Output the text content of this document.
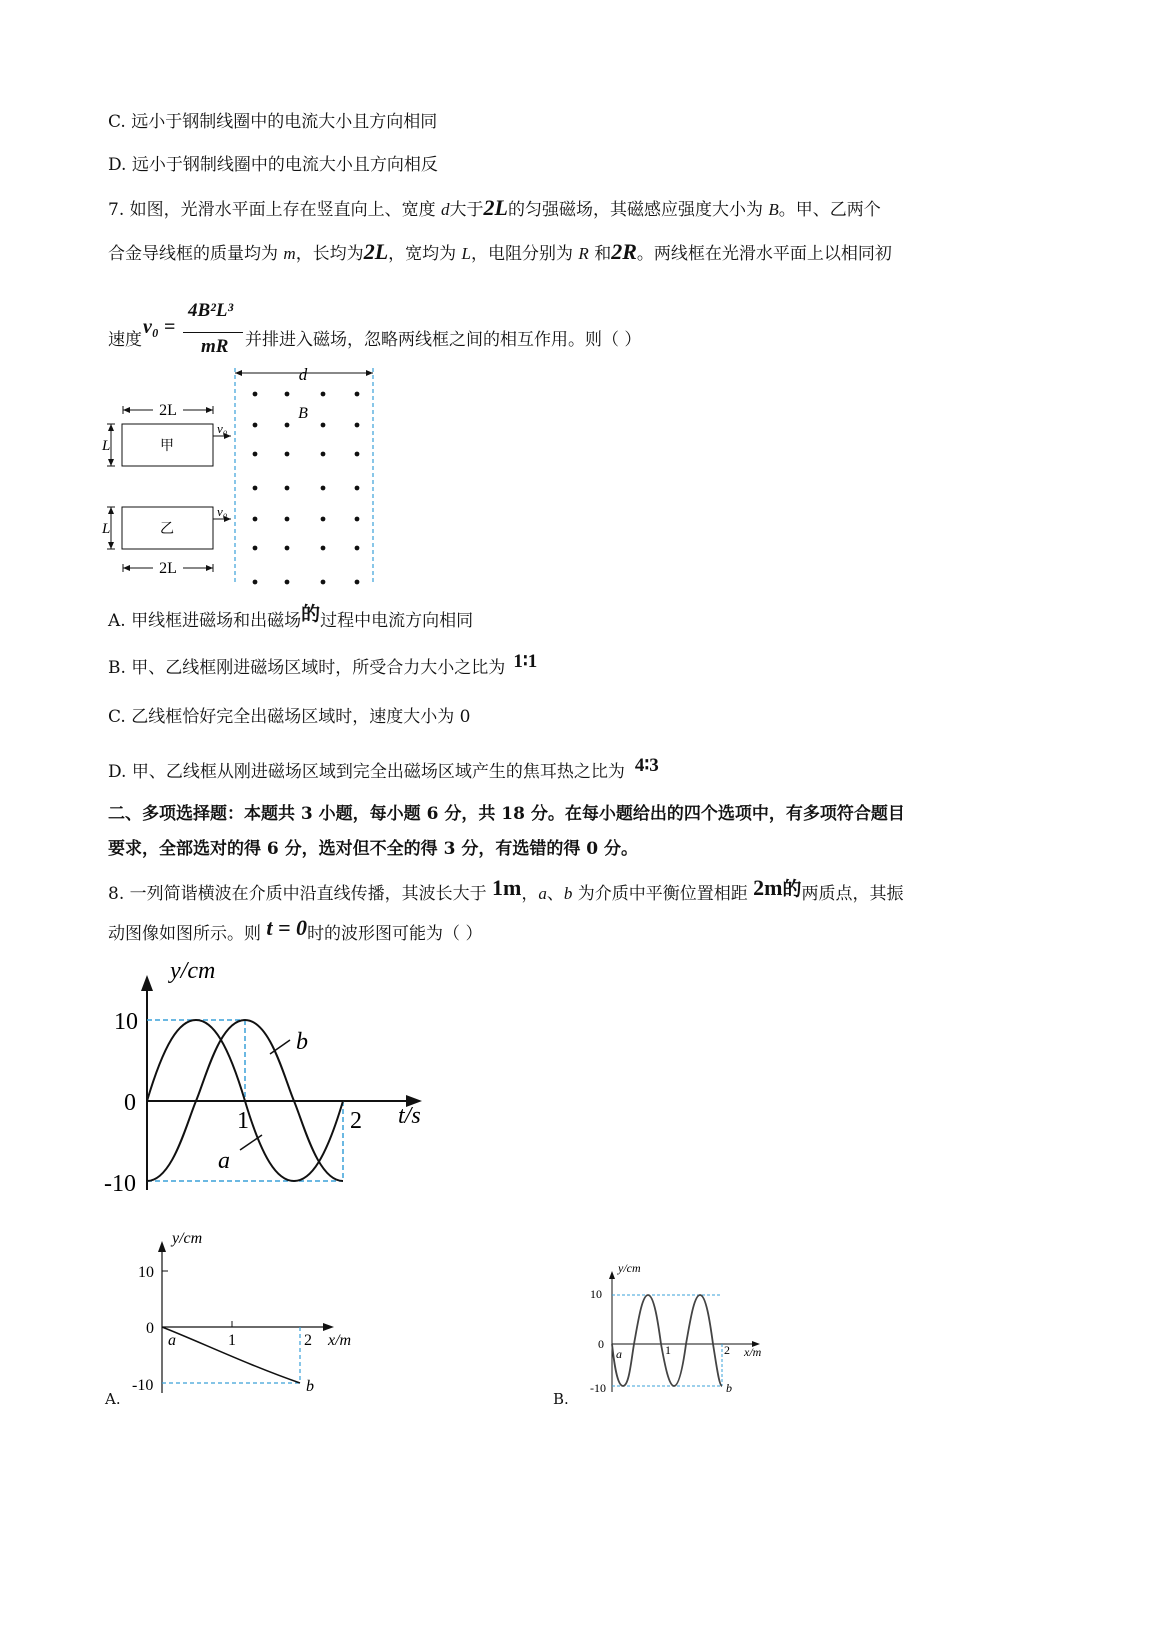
C. 远小于钢制线圈中的电流大小且方向相同
D. 远小于钢制线圈中的电流大小且方向相反
7. 如图，光滑水平面上存在竖直向上、宽度 d大于2L的匀强磁场，其磁感应强度大小为 B。甲、乙两个
合金导线框的质量均为 m，长均为2L，宽均为 L，电阻分别为 R 和2R。两线框在光滑水平面上以相同初
速度
v₀ =
4B²L³
mR 并排进入磁场，忽略两线框之间的相互作用。则（ ）
d
B
2L
甲
v₀
L
乙
v₀
L
2L
A. 甲线框进磁场和出磁场的过程中电流方向相同
B. 甲、乙线框刚进磁场区域时，所受合力大小之比为 1∶1
C. 乙线框恰好完全出磁场区域时，速度大小为 0
D. 甲、乙线框从刚进磁场区域到完全出磁场区域产生的焦耳热之比为 4∶3
二、多项选择题：本题共 3 小题，每小题 6 分，共 18 分。在每小题给出的四个选项中，有多项符合题目
要求，全部选对的得 6 分，选对但不全的得 3 分，有选错的得 0 分。
8. 一列简谐横波在介质中沿直线传播，其波长大于 1m，a、b 为介质中平衡位置相距 2m的两质点，其振
动图像如图所示。则 t = 0时的波形图可能为（ ）
y/cm
t/s
10
0
-10
1	2
b
a
y/cm
x/m
10
0
-10
1	2
a
b
A.
y/cm
x/m
10
0
-10
1	2
a
b
B.
